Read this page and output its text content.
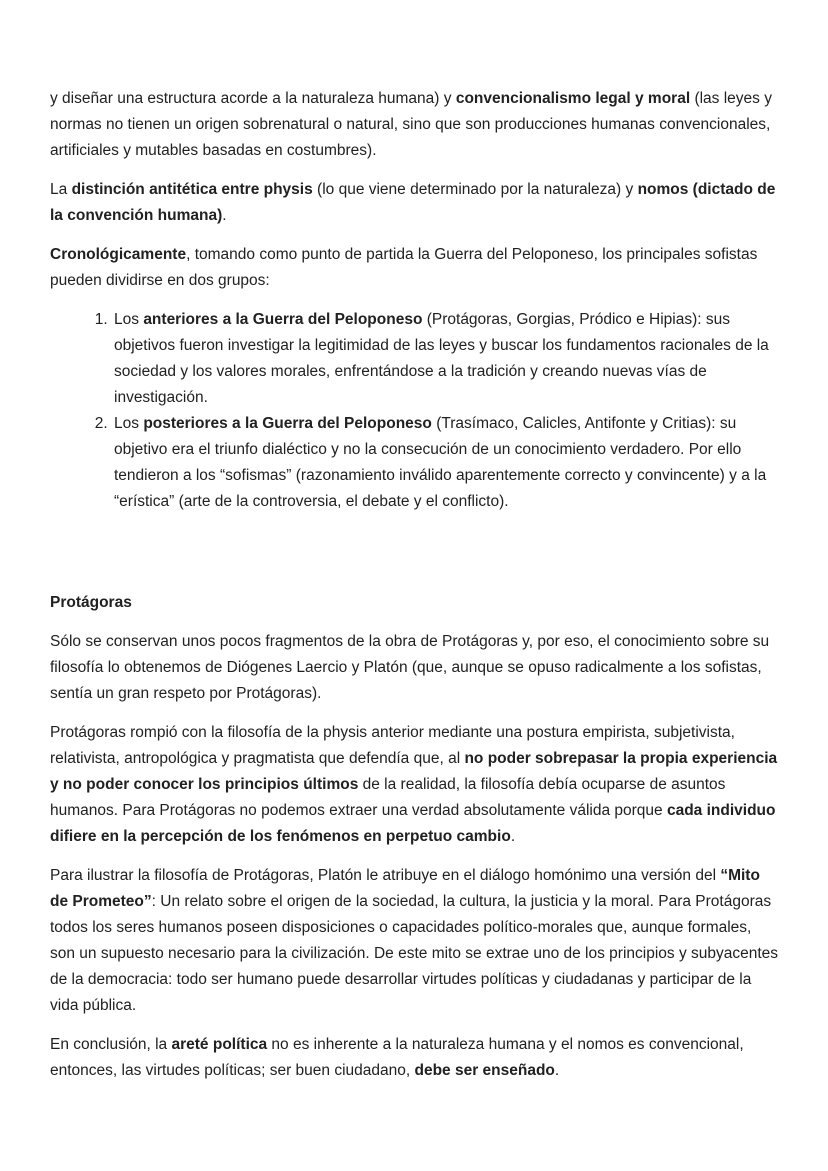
y diseñar una estructura acorde a la naturaleza humana) y convencionalismo legal y moral (las leyes y normas no tienen un origen sobrenatural o natural, sino que son producciones humanas convencionales, artificiales y mutables basadas en costumbres).

La distinción antitética entre physis (lo que viene determinado por la naturaleza) y nomos (dictado de la convención humana).

Cronológicamente, tomando como punto de partida la Guerra del Peloponeso, los principales sofistas pueden dividirse en dos grupos:

1. Los anteriores a la Guerra del Peloponeso (Protágoras, Gorgias, Pródico e Hipias): sus objetivos fueron investigar la legitimidad de las leyes y buscar los fundamentos racionales de la sociedad y los valores morales, enfrentándose a la tradición y creando nuevas vías de investigación.
2. Los posteriores a la Guerra del Peloponeso (Trasímaco, Calicles, Antifonte y Critias): su objetivo era el triunfo dialéctico y no la consecución de un conocimiento verdadero. Por ello tendieron a los “sofismas” (razonamiento inválido aparentemente correcto y convincente) y a la “erística” (arte de la controversia, el debate y el conflicto).

Protágoras

Sólo se conservan unos pocos fragmentos de la obra de Protágoras y, por eso, el conocimiento sobre su filosofía lo obtenemos de Diógenes Laercio y Platón (que, aunque se opuso radicalmente a los sofistas, sentía un gran respeto por Protágoras).

Protágoras rompió con la filosofía de la physis anterior mediante una postura empirista, subjetivista, relativista, antropológica y pragmatista que defendía que, al no poder sobrepasar la propia experiencia y no poder conocer los principios últimos de la realidad, la filosofía debía ocuparse de asuntos humanos. Para Protágoras no podemos extraer una verdad absolutamente válida porque cada individuo difiere en la percepción de los fenómenos en perpetuo cambio.

Para ilustrar la filosofía de Protágoras, Platón le atribuye en el diálogo homónimo una versión del “Mito de Prometeo”: Un relato sobre el origen de la sociedad, la cultura, la justicia y la moral. Para Protágoras todos los seres humanos poseen disposiciones o capacidades político-morales que, aunque formales, son un supuesto necesario para la civilización. De este mito se extrae uno de los principios y subyacentes de la democracia: todo ser humano puede desarrollar virtudes políticas y ciudadanas y participar de la vida pública.

En conclusión, la areté política no es inherente a la naturaleza humana y el nomos es convencional, entonces, las virtudes políticas; ser buen ciudadano, debe ser enseñado.
